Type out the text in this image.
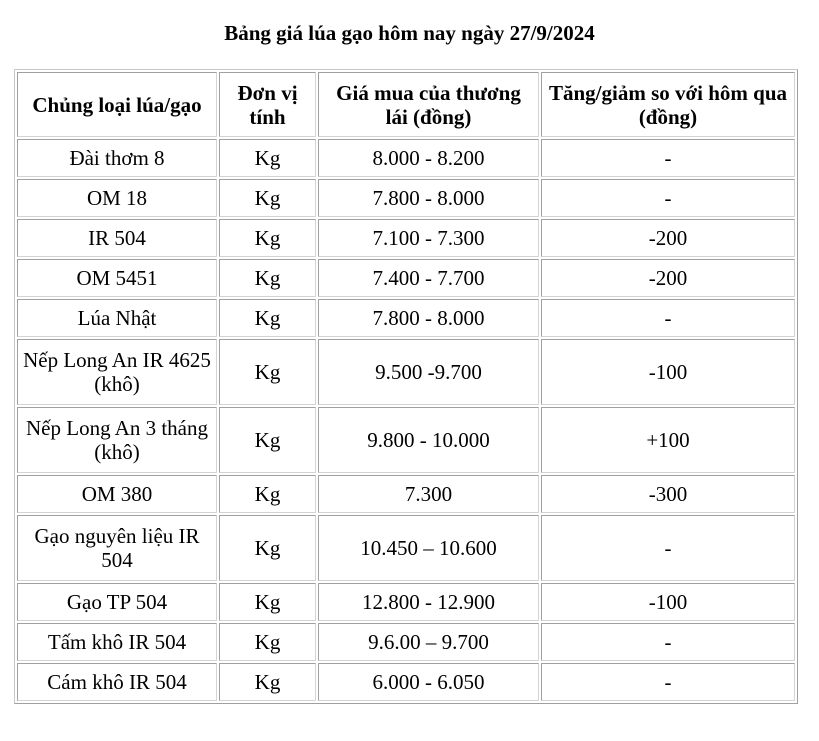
Bảng giá lúa gạo hôm nay ngày 27/9/2024
Chủng loại lúa/gạo	Đơn vị tính	Giá mua của thương lái (đồng)	Tăng/giảm so với hôm qua (đồng)
Đài thơm 8	Kg	8.000 - 8.200	-
OM 18	Kg	7.800 - 8.000	-
IR 504	Kg	7.100 - 7.300	-200
OM 5451	Kg	7.400 - 7.700	-200
Lúa Nhật	Kg	7.800 - 8.000	-
Nếp Long An IR 4625 (khô)	Kg	9.500 -9.700	-100
Nếp Long An 3 tháng (khô)	Kg	9.800 - 10.000	+100
OM 380	Kg	7.300	-300
Gạo nguyên liệu IR 504	Kg	10.450 – 10.600	-
Gạo TP 504	Kg	12.800 - 12.900	-100
Tấm khô IR 504	Kg	9.6.00 – 9.700	-
Cám khô IR 504	Kg	6.000 - 6.050	-
